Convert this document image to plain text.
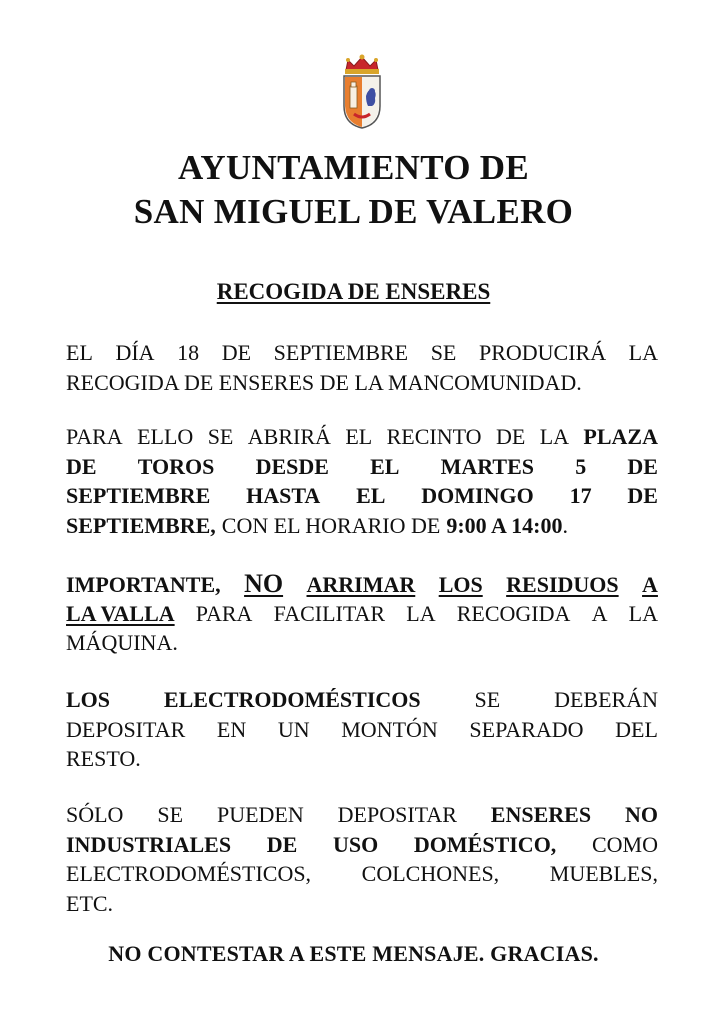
AYUNTAMIENTO DE
SAN MIGUEL DE VALERO
RECOGIDA DE ENSERES
EL DÍA 18 DE SEPTIEMBRE SE PRODUCIRÁ LA
RECOGIDA DE ENSERES DE LA MANCOMUNIDAD.
PARA ELLO SE ABRIRÁ EL RECINTO DE LA PLAZA
DE TOROS DESDE EL MARTES 5 DE
SEPTIEMBRE HASTA EL DOMINGO 17 DE
SEPTIEMBRE, CON EL HORARIO DE 9:00 A 14:00 .
IMPORTANTE, NO ARRIMAR LOS RESIDUOS A
LA VALLA PARA FACILITAR LA RECOGIDA A LA
MÁQUINA.
LOS ELECTRODOMÉSTICOS SE DEBERÁN
DEPOSITAR EN UN MONTÓN SEPARADO DEL
RESTO.
SÓLO SE PUEDEN DEPOSITAR ENSERES NO
INDUSTRIALES DE USO DOMÉSTICO, COMO
ELECTRODOMÉSTICOS, COLCHONES, MUEBLES,
ETC.
NO CONTESTAR A ESTE MENSAJE. GRACIAS.
